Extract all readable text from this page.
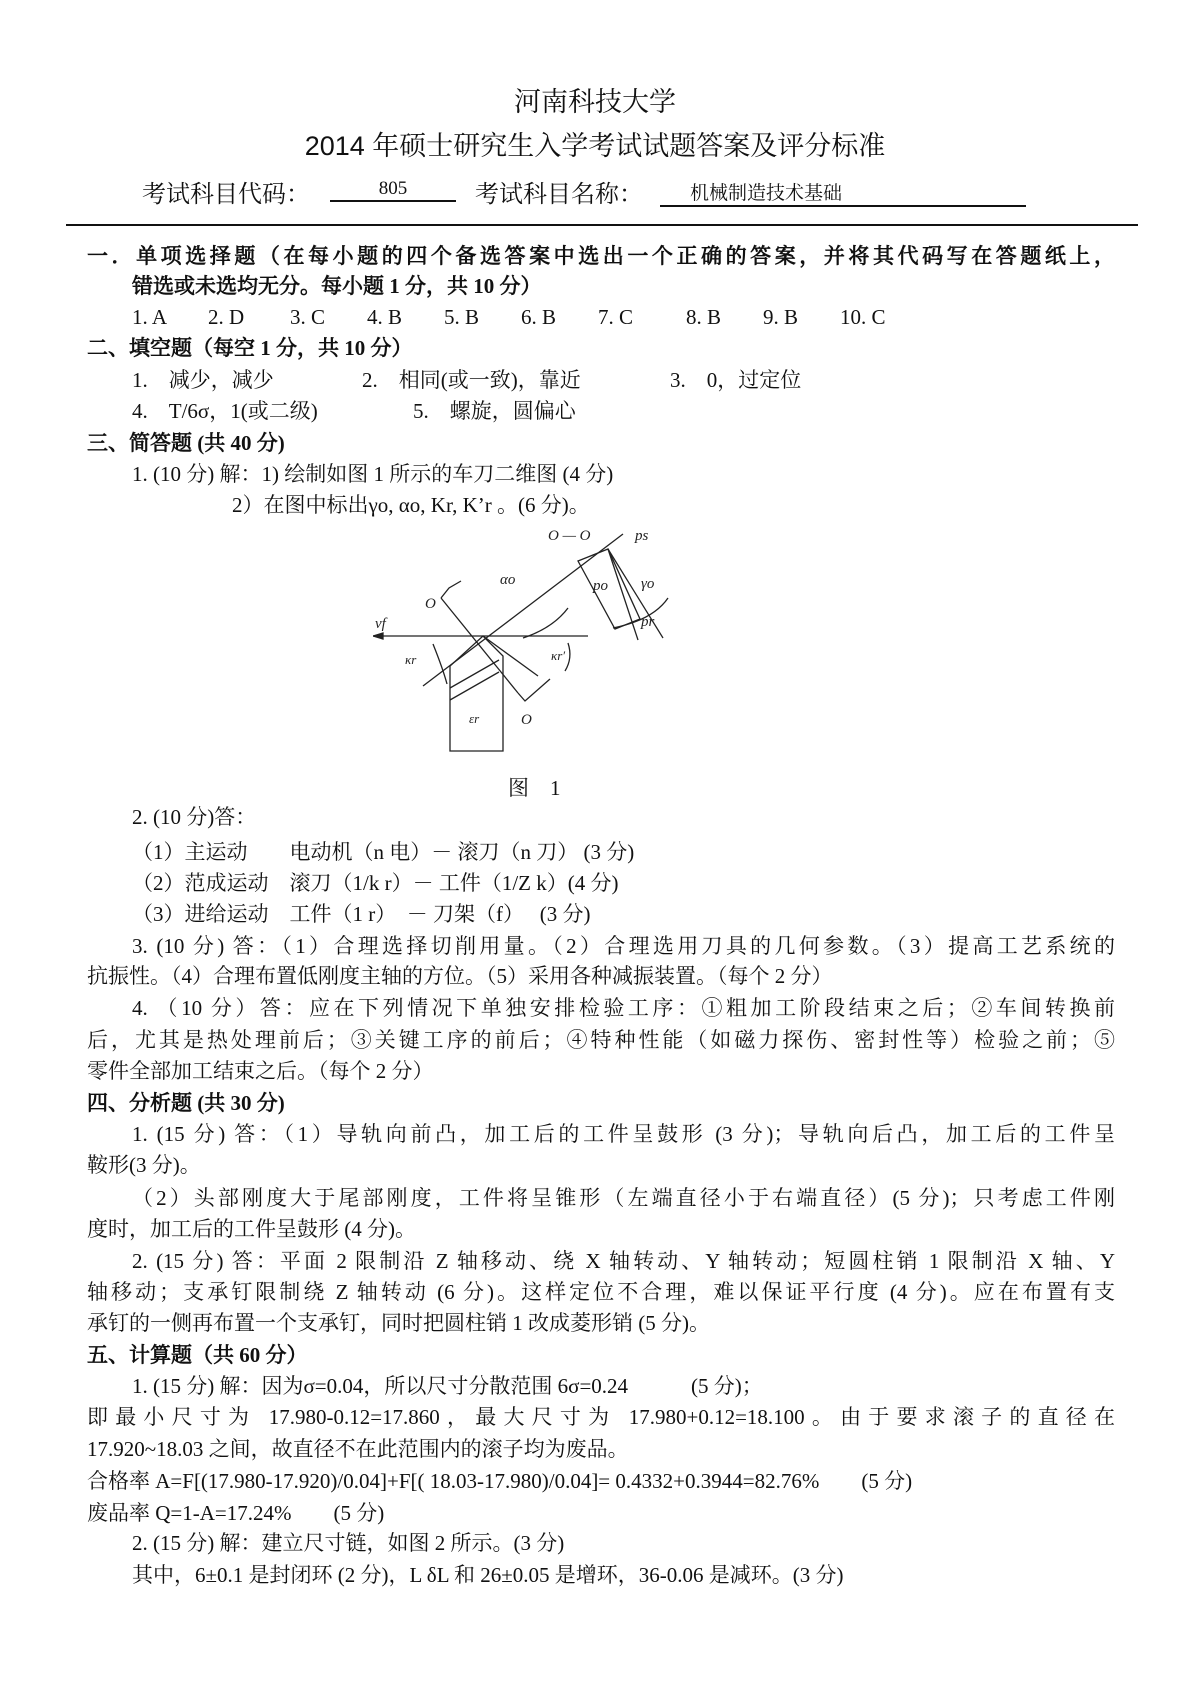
河南科技大学
2014 年硕士研究生入学考试试题答案及评分标准
考试科目代码：	805	考试科目名称：	机械制造技术基础
一．单项选择题（在每小题的四个备选答案中选出一个正确的答案，并将其代码写在答题纸上，
错选或未选均无分。每小题 1 分，共 10 分）
1. A	2. D	3. C	4. B	5. B	6. B	7. C	8. B	9. B	10. C
二、填空题（每空 1 分，共 10 分）
1.　减少，减少	2.　相同(或一致)，靠近	3.　0，过定位
4.　T/6σ，1(或二级)	5.　螺旋，圆偏心
三、简答题 (共 40 分)
1. (10 分) 解：1) 绘制如图 1 所示的车刀二维图 (4 分)
2）在图中标出γo, αo, Kr, K’r 。(6 分)。
O — O	ps
αo	po γo
pr
vf
O
O
κr	κr′
εr
图　1
2. (10 分)答：
（1）主运动　　电动机（n 电）－ 滚刀（n 刀） (3 分)
（2）范成运动　滚刀（1/k r）－ 工件（1/Z k）(4 分)
（3）进给运动　工件（1 r）　－ 刀架（f）　 (3 分)
3. (10 分) 答：（1）合理选择切削用量。（2）合理选用刀具的几何参数。（3）提高工艺系统的
抗振性。（4）合理布置低刚度主轴的方位。（5）采用各种减振装置。（每个 2 分）
4. （10 分）答：应在下列情况下单独安排检验工序：①粗加工阶段结束之后；②车间转换前
后，尤其是热处理前后；③关键工序的前后；④特种性能（如磁力探伤、密封性等）检验之前；⑤
零件全部加工结束之后。（每个 2 分）
四、分析题 (共 30 分)
1. (15 分) 答：（1）导轨向前凸，加工后的工件呈鼓形 (3 分)；导轨向后凸，加工后的工件呈
鞍形(3 分)。
（2）头部刚度大于尾部刚度，工件将呈锥形（左端直径小于右端直径）(5 分)；只考虑工件刚
度时，加工后的工件呈鼓形 (4 分)。
2. (15 分) 答：平面 2 限制沿 Z 轴移动、绕 X 轴转动、Y 轴转动；短圆柱销 1 限制沿 X 轴、Y
轴移动；支承钉限制绕 Z 轴转动 (6 分)。这样定位不合理，难以保证平行度 (4 分)。应在布置有支
承钉的一侧再布置一个支承钉，同时把圆柱销 1 改成菱形销 (5 分)。
五、计算题（共 60 分）
1. (15 分) 解：因为σ=0.04，所以尺寸分散范围 6σ=0.24　　　(5 分)；
即最小尺寸为 17.980-0.12=17.860，最大尺寸为 17.980+0.12=18.100。由于要求滚子的直径在
17.920~18.03 之间，故直径不在此范围内的滚子均为废品。
合格率 A=F[(17.980-17.920)/0.04]+F[( 18.03-17.980)/0.04]= 0.4332+0.3944=82.76%　　(5 分)
废品率 Q=1-A=17.24%　　(5 分)
2. (15 分) 解：建立尺寸链，如图 2 所示。(3 分)
其中，6±0.1 是封闭环 (2 分)，L δL 和 26±0.05 是增环，36-0.06 是减环。(3 分)
